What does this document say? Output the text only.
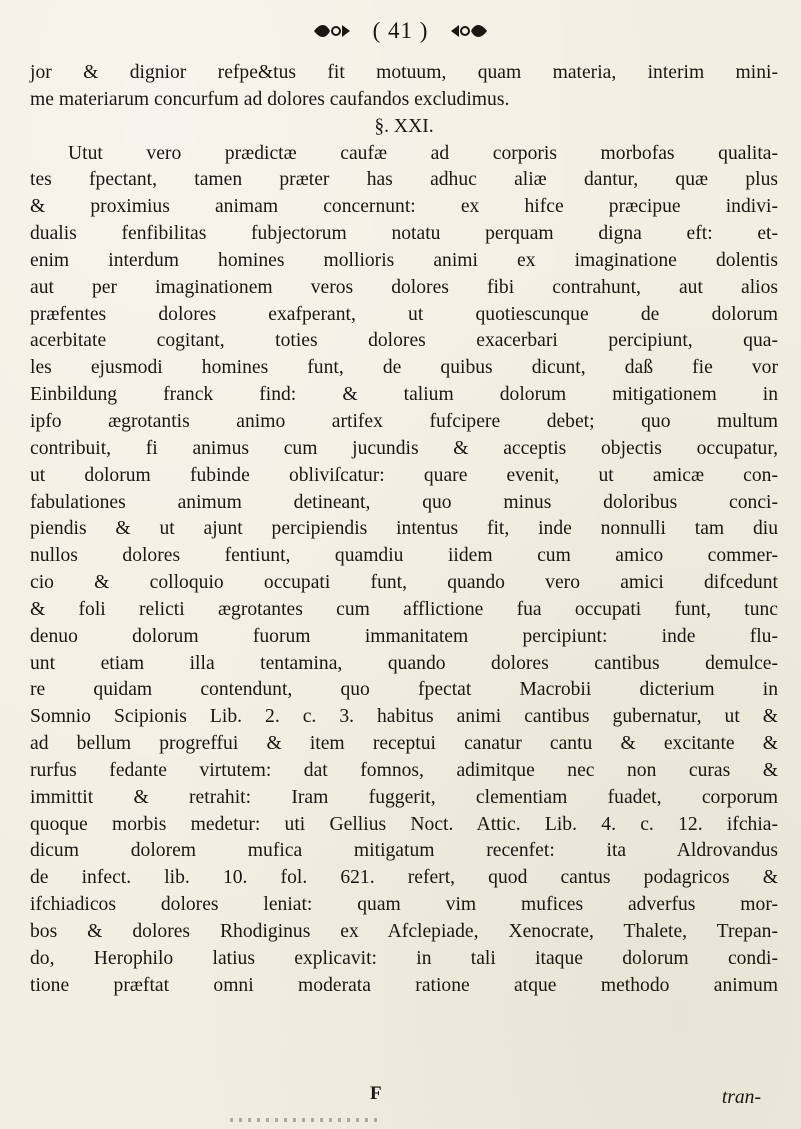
( 41 )
jor & dignior refpe&tus fit motuum, quam materia, interim mini-
me materiarum concurfum ad dolores caufandos excludimus.
§. XXI.
Utut vero prædictæ caufæ ad corporis morbofas qualita-
tes fpectant, tamen præter has adhuc aliæ dantur, quæ plus
& proximius animam concernunt: ex hifce præcipue indivi-
dualis fenfibilitas fubjectorum notatu perquam digna eft: et-
enim interdum homines mollioris animi ex imaginatione dolentis
aut per imaginationem veros dolores fibi contrahunt, aut alios
præfentes dolores exafperant, ut quotiescunque de dolorum
acerbitate cogitant, toties dolores exacerbari percipiunt, qua-
les ejusmodi homines funt, de quibus dicunt, daß fie vor
Einbildung franck find: & talium dolorum mitigationem in
ipfo ægrotantis animo artifex fufcipere debet; quo multum
contribuit, fi animus cum jucundis & acceptis objectis occupatur,
ut dolorum fubinde obliviſcatur: quare evenit, ut amicæ con-
fabulationes animum detineant, quo minus doloribus conci-
piendis & ut ajunt percipiendis intentus fit, inde nonnulli tam diu
nullos dolores fentiunt, quamdiu iidem cum amico commer-
cio & colloquio occupati funt, quando vero amici difcedunt
& foli relicti ægrotantes cum afflictione fua occupati funt, tunc
denuo dolorum fuorum immanitatem percipiunt: inde flu-
unt etiam illa tentamina, quando dolores cantibus demulce-
re quidam contendunt, quo fpectat Macrobii dicterium in
Somnio Scipionis Lib. 2. c. 3. habitus animi cantibus gubernatur, ut &
ad bellum progreffui & item receptui canatur cantu & excitante &
rurfus fedante virtutem: dat fomnos, adimitque nec non curas &
immittit & retrahit: Iram fuggerit, clementiam fuadet, corporum
quoque morbis medetur: uti Gellius Noct. Attic. Lib. 4. c. 12. ifchia-
dicum dolorem mufica mitigatum recenfet: ita Aldrovandus
de infect. lib. 10. fol. 621. refert, quod cantus podagricos &
ifchiadicos dolores leniat: quam vim mufices adverfus mor-
bos & dolores Rhodiginus ex Afclepiade, Xenocrate, Thalete, Trepan-
do, Herophilo latius explicavit: in tali itaque dolorum condi-
tione præftat omni moderata ratione atque methodo animum
F	tran-
